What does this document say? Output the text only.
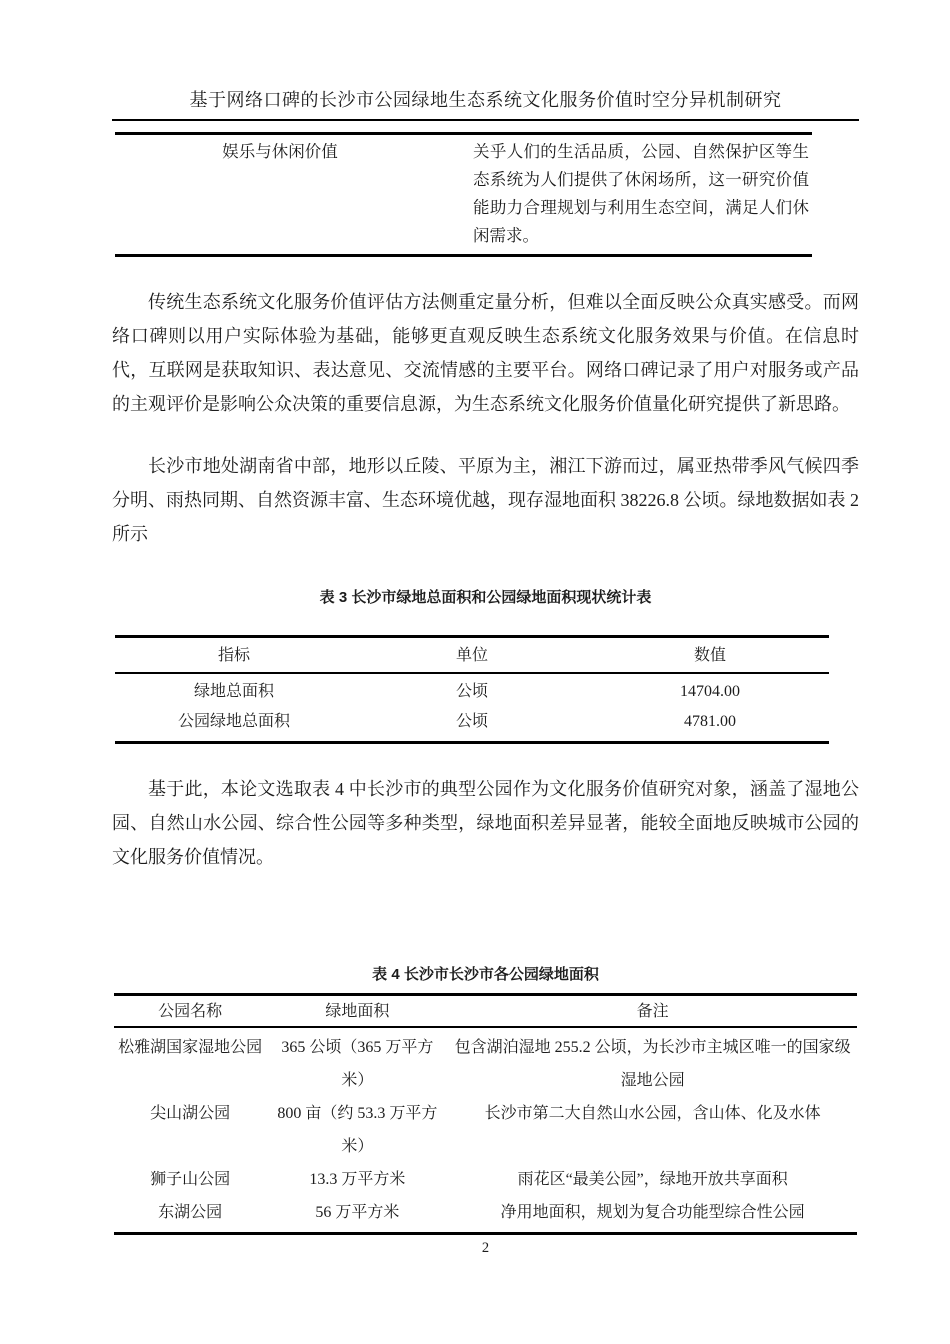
基于网络口碑的长沙市公园绿地生态系统文化服务价值时空分异机制研究
娱乐与休闲价值	关乎人们的生活品质，公园、自然保护区等生态系统为人们提供了休闲场所，这一研究价值能助力合理规划与利用生态空间，满足人们休闲需求。

传统生态系统文化服务价值评估方法侧重定量分析，但难以全面反映公众真实感受。而网络口碑则以用户实际体验为基础，能够更直观反映生态系统文化服务效果与价值。在信息时代，互联网是获取知识、表达意见、交流情感的主要平台。网络口碑记录了用户对服务或产品的主观评价是影响公众决策的重要信息源，为生态系统文化服务价值量化研究提供了新思路。

长沙市地处湖南省中部，地形以丘陵、平原为主，湘江下游而过，属亚热带季风气候四季分明、雨热同期、自然资源丰富、生态环境优越，现存湿地面积 38226.8 公顷。绿地数据如表 2 所示

表 3 长沙市绿地总面积和公园绿地面积现状统计表
指标	单位	数值
绿地总面积	公顷	14704.00
公园绿地总面积	公顷	4781.00

基于此，本论文选取表 4 中长沙市的典型公园作为文化服务价值研究对象，涵盖了湿地公园、自然山水公园、综合性公园等多种类型，绿地面积差异显著，能较全面地反映城市公园的文化服务价值情况。

表 4 长沙市长沙市各公园绿地面积
公园名称	绿地面积	备注
松雅湖国家湿地公园	365 公顷（365 万平方米）	包含湖泊湿地 255.2 公顷，为长沙市主城区唯一的国家级湿地公园
尖山湖公园	800 亩（约 53.3 万平方米）	长沙市第二大自然山水公园，含山体、化及水体
狮子山公园	13.3 万平方米	雨花区“最美公园”，绿地开放共享面积
东湖公园	56 万平方米	净用地面积，规划为复合功能型综合性公园
2
